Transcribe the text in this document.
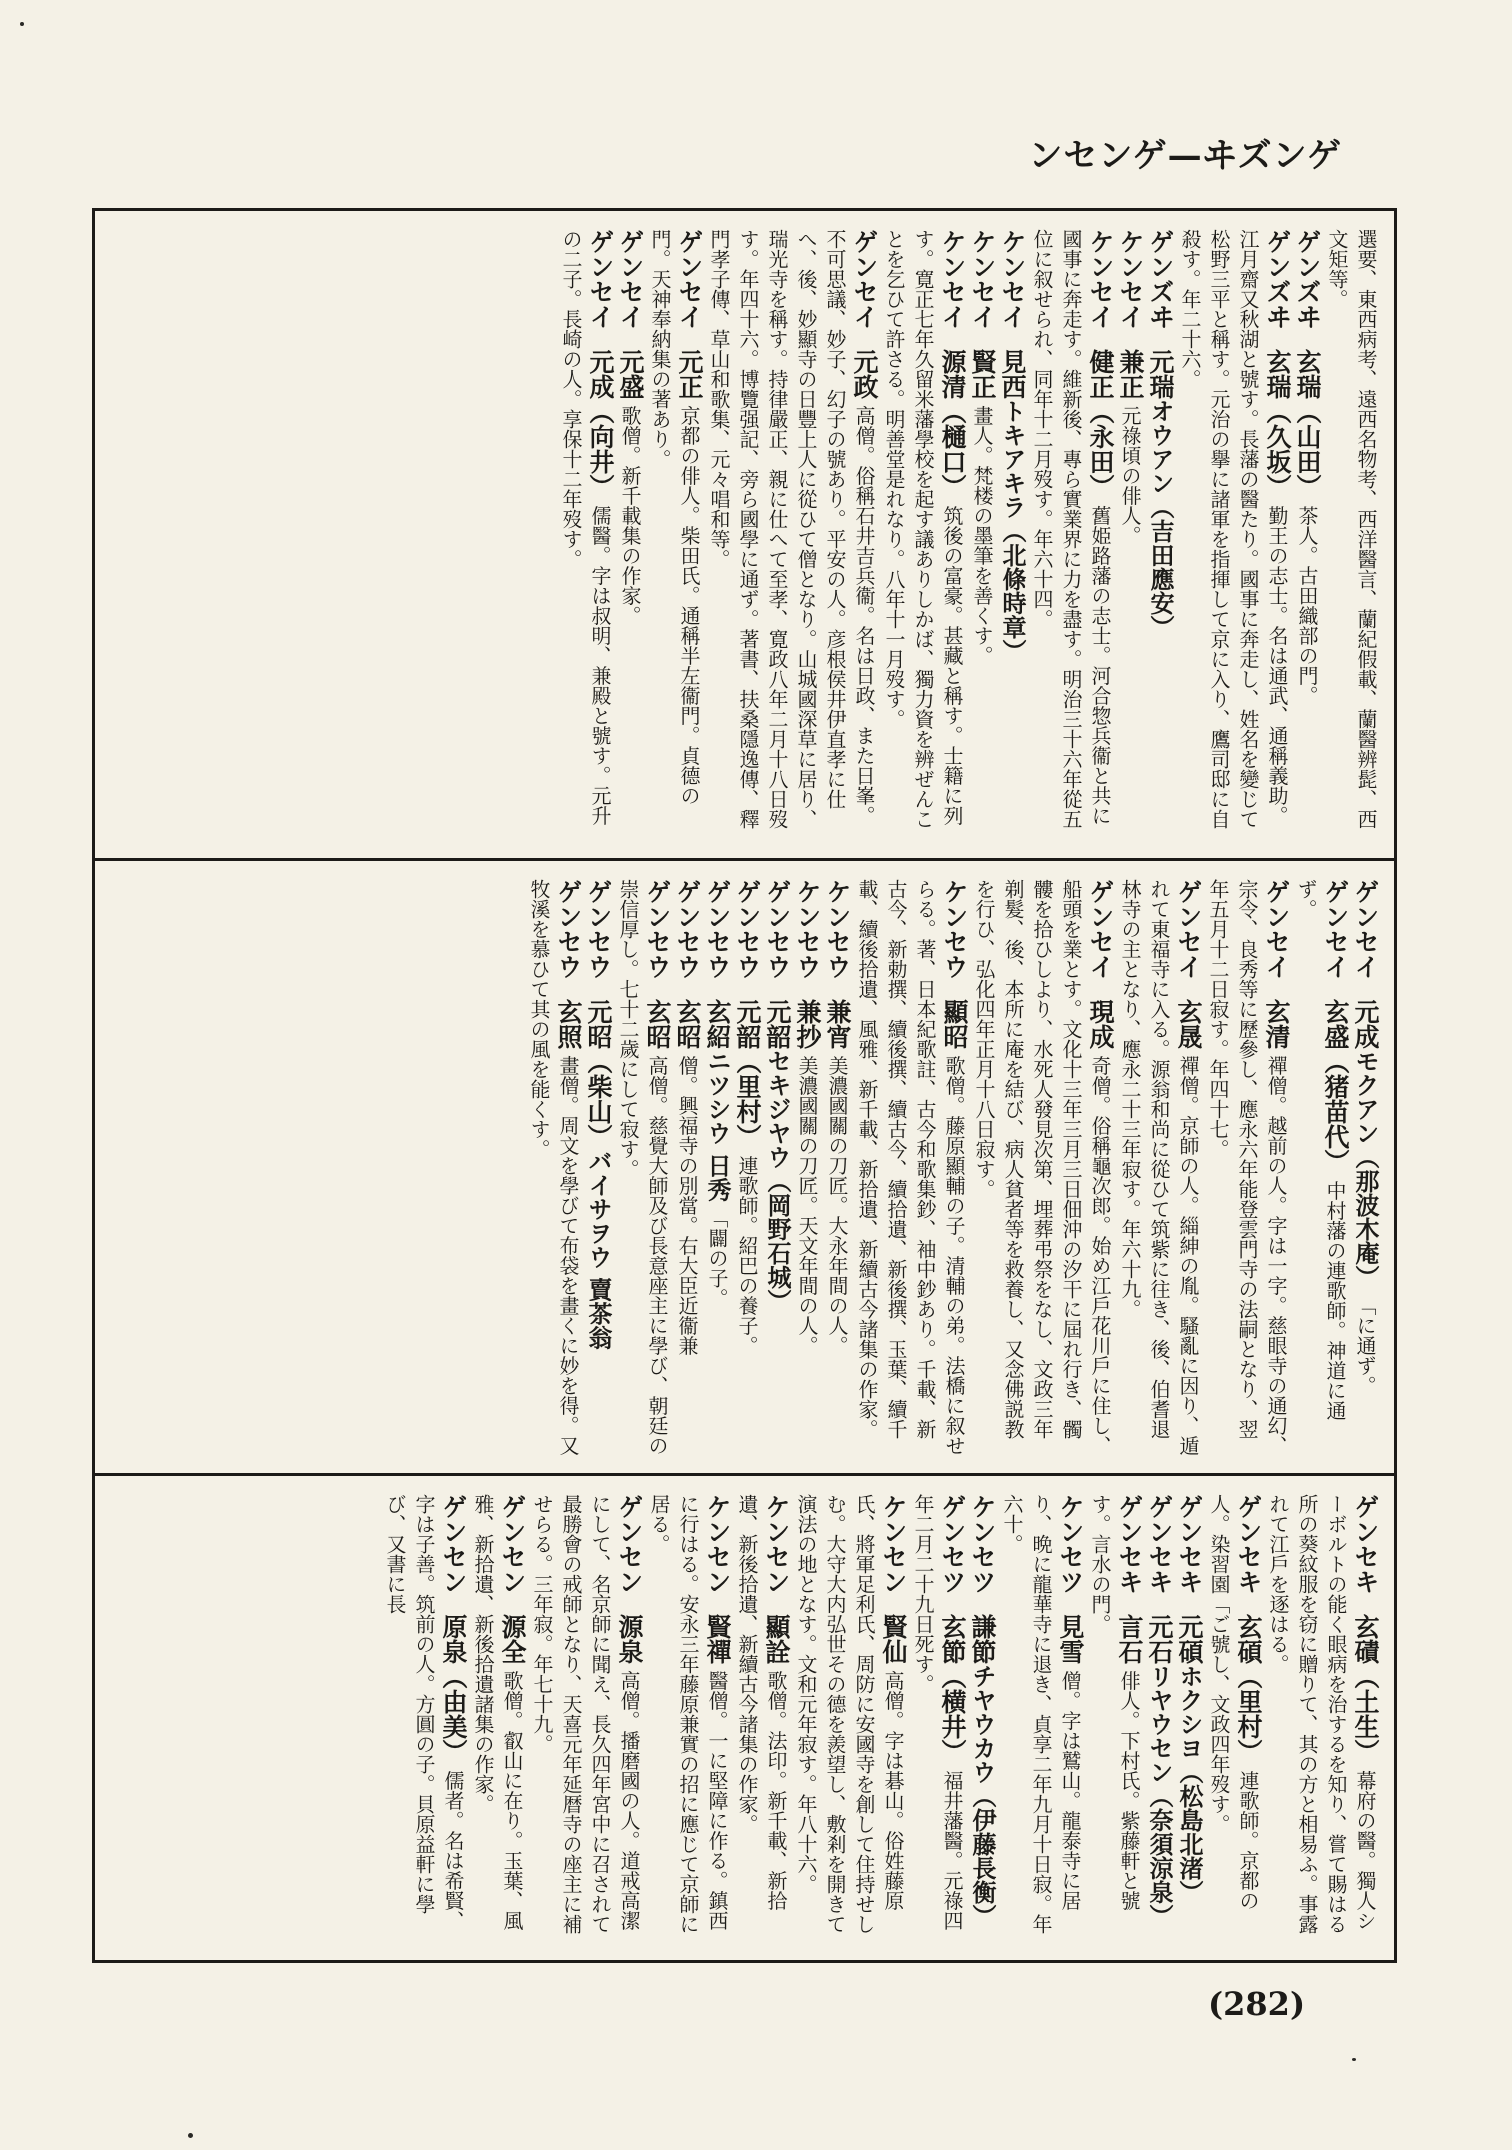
ゲンズヰ—ゲンセン

選要、東西病考、遠西名物考、西洋醫言、蘭紀假載、蘭醫辨髭、西文矩等。
ゲンズヰ　玄瑞（山田） 茶人。古田織部の門。
ゲンズヰ　玄瑞（久坂） 勤王の志士。名は通武、通稱義助。江月齋又秋湖と號す。長藩の醫たり。國事に奔走し、姓名を變じて松野三平と稱す。元治の擧に諸軍を指揮して京に入り、鷹司邸に自殺す。年二十六。
ゲンズヰ　元瑞オウアン（吉田應安）
ケンセイ　兼正 元祿頃の俳人。
ケンセイ　健正（永田） 舊姫路藩の志士。河合惣兵衞と共に國事に奔走す。維新後、專ら實業界に力を盡す。明治三十六年從五位に叙せられ、同年十二月歿す。年六十四。
ケンセイ　見西トキアキラ（北條時章）
ケンセイ　賢正 畫人。梵楼の墨筆を善くす。
ケンセイ　源清（樋口） 筑後の富豪。甚藏と稱す。士籍に列す。寛正七年久留米藩學校を起す議ありしかば、獨力資を辨ぜんことを乞ひて許さる。明善堂是れなり。八年十一月歿す。
ゲンセイ　元政 高僧。俗稱石井吉兵衞。名は日政、また日峯。不可思議、妙子、幻子の號あり。平安の人。彦根侯井伊直孝に仕へ、後、妙顯寺の日豐上人に從ひて僧となり。山城國深草に居り、瑞光寺を稱す。持律嚴正、親に仕へて至孝、寛政八年二月十八日歿す。年四十六。博覽强記、旁ら國學に通ず。著書、扶桑隱逸傳、釋門孝子傳、草山和歌集、元々唱和等。
ゲンセイ　元正 京都の俳人。柴田氏。通稱半左衞門。貞德の門。天神奉納集の著あり。
ゲンセイ　元盛 歌僧。新千載集の作家。
ゲンセイ　元成（向井） 儒醫。字は叔明、兼殿と號す。元升の二子。長崎の人。享保十二年歿す。

ゲンセイ　元成モクアン（那波木庵） 「に通ず。
ゲンセイ　玄盛（猪苗代） 中村藩の連歌師。神道に通ず。
ゲンセイ　玄清 禪僧。越前の人。字は一字。慈眼寺の通幻、宗令、良秀等に歷參し、應永六年能登雲門寺の法嗣となり、翌年五月十二日寂す。年四十七。
ゲンセイ　玄晟 禪僧。京師の人。緇紳の胤。騷亂に因り、遁れて東福寺に入る。源翁和尚に從ひて筑紫に往き、後、伯耆退林寺の主となり、應永二十三年寂す。年六十九。
ゲンセイ　現成 奇僧。俗稱龜次郎。始め江戶花川戶に住し、船頭を業とす。文化十三年三月三日佃沖の汐干に屆れ行き、髑髏を拾ひしより、水死人發見次第、埋葬弔祭をなし、文政三年剃髮、後、本所に庵を結び、病人貧者等を救養し、又念佛説教を行ひ、弘化四年正月十八日寂す。
ケンセウ　顯昭 歌僧。藤原顯輔の子。清輔の弟。法橋に叙せらる。著、日本紀歌註、古今和歌集鈔、袖中鈔あり。千載、新古今、新勅撰、續後撰、續古今、續拾遺、新後撰、玉葉、續千載、續後拾遺、風雅、新千載、新拾遺、新續古今諸集の作家。
ケンセウ　兼宵 美濃國關の刀匠。大永年間の人。
ケンセウ　兼抄 美濃國關の刀匠。天文年間の人。
ゲンセウ　元韶セキジヤウ（岡野石城）
ゲンセウ　元韶（里村） 連歌師。紹巴の養子。
ゲンセウ　玄紹ニツシウ 日秀 「闢の子。
ゲンセウ　玄昭 僧。興福寺の別當。右大臣近衞兼
ゲンセウ　玄昭 高僧。慈覺大師及び長意座主に學び、朝廷の崇信厚し。七十二歲にして寂す。
ゲンセウ　元昭（柴山）バイサヲウ 賣茶翁
ゲンセウ　玄照 畫僧。周文を學びて布袋を畫くに妙を得。又牧溪を慕ひて其の風を能くす。

ゲンセキ　玄磧（土生） 幕府の醫。獨人シーボルトの能く眼病を治するを知り、嘗て賜はる所の葵紋服を窃に贈りて、其の方と相易ふ。事露れて江戶を逐はる。
ゲンセキ　玄碩（里村） 連歌師。京都の人。染習園「ご號し、文政四年歿す。
ゲンセキ　元碩ホクシヨ（松島北渚）
ゲンセキ　元石リヤウセン（奈須涼泉）
ゲンセキ　言石 俳人。下村氏。紫藤軒と號す。言水の門。
ケンセツ　見雪 僧。字は鷲山。龍泰寺に居り、晩に龍華寺に退き、貞享二年九月十日寂。年六十。
ケンセツ　謙節チヤウカウ（伊藤長衡）
ゲンセツ　玄節（横井） 福井藩醫。元祿四年二月二十九日死す。
ケンセン　賢仙 高僧。字は碁山。俗姓藤原氏、將軍足利氏、周防に安國寺を創して住持せしむ。大守大内弘世その德を羨望し、敷剎を開きて演法の地となす。文和元年寂す。年八十六。
ケンセン　顯詮 歌僧。法印。新千載、新拾遺、新後拾遺、新續古今諸集の作家。
ケンセン　賢禪 醫僧。一に堅障に作る。鎮西に行はる。安永三年藤原兼實の招に應じて京師に居る。
ゲンセン　源泉 高僧。播磨國の人。道戒高潔にして、名京師に聞え、長久四年宮中に召されて最勝會の戒師となり、天喜元年延暦寺の座主に補せらる。三年寂。年七十九。
ゲンセン　源全 歌僧。叡山に在り。玉葉、風雅、新拾遺、新後拾遺諸集の作家。
ゲンセン　原泉（由美） 儒者。名は希賢、字は子善。筑前の人。方圓の子。貝原益軒に學び、又書に長

(282)
